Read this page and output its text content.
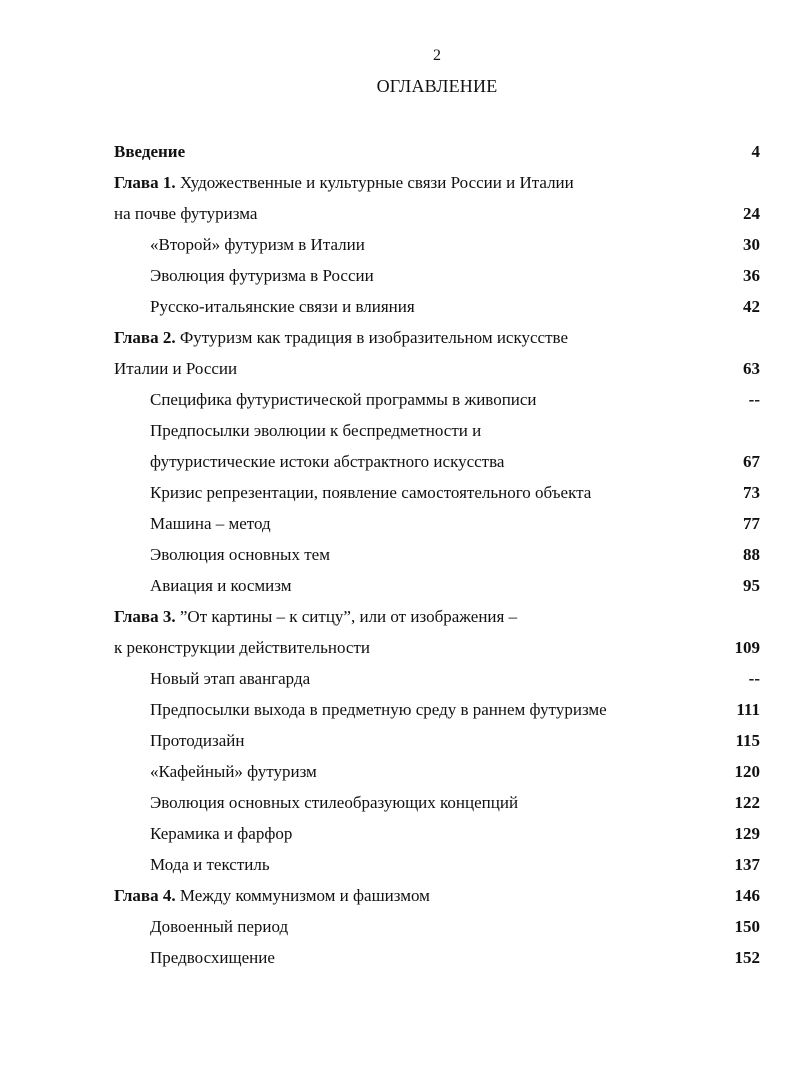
2
ОГЛАВЛЕНИЕ
Введение	4
Глава 1. Художественные и культурные связи России и Италии
на почве футуризма	24
«Второй» футуризм в Италии	30
Эволюция футуризма в России	36
Русско-итальянские связи и влияния	42
Глава 2. Футуризм как традиция в изобразительном искусстве
Италии и России	63
Специфика футуристической программы в живописи	--
Предпосылки эволюции к беспредметности и
футуристические истоки абстрактного искусства	67
Кризис репрезентации, появление самостоятельного объекта	73
Машина – метод	77
Эволюция основных тем	88
Авиация и космизм	95
Глава 3. ”От картины – к ситцу”, или от изображения –
к реконструкции действительности	109
Новый этап авангарда	--
Предпосылки выхода в предметную среду в раннем футуризме	111
Протодизайн	115
«Кафейный» футуризм	120
Эволюция основных стилеобразующих концепций	122
Керамика и фарфор	129
Мода и текстиль	137
Глава 4. Между коммунизмом и фашизмом	146
Довоенный период	150
Предвосхищение	152
